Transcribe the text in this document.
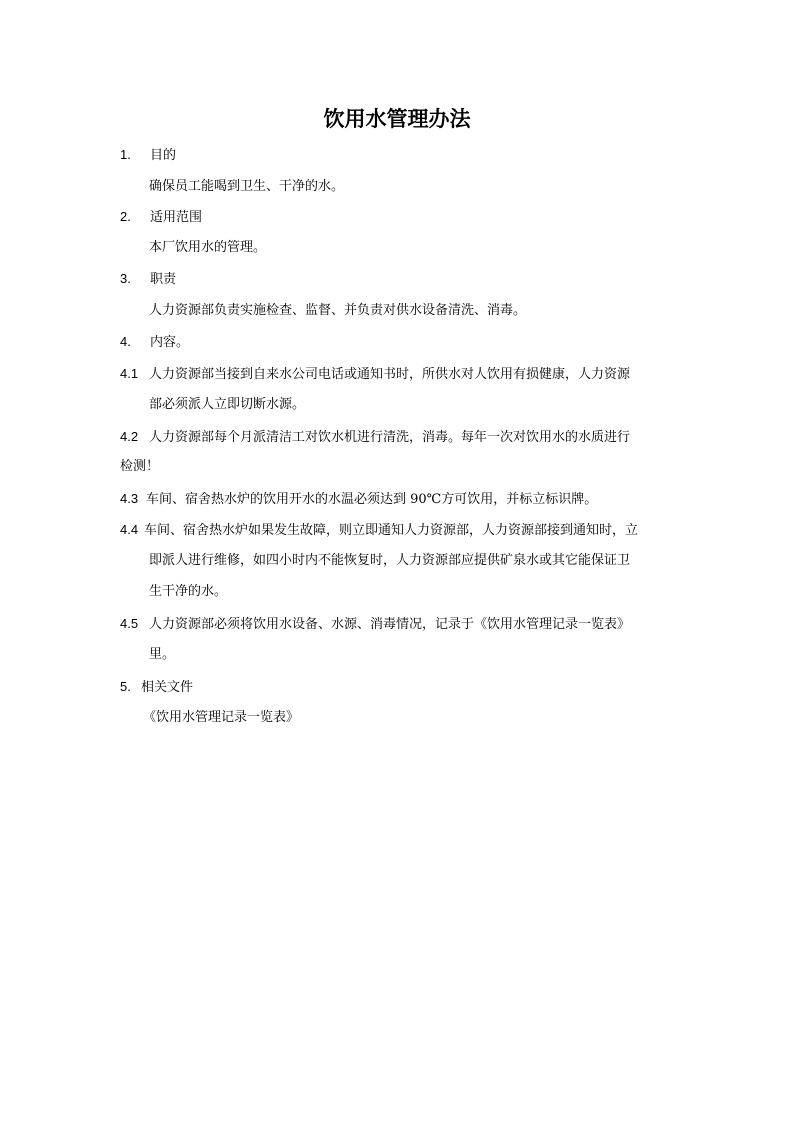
饮用水管理办法
1. 目的
确保员工能喝到卫生、干净的水。
2. 适用范围
本厂饮用水的管理。
3. 职责
人力资源部负责实施检查、监督、并负责对供水设备清洗、消毒。
4. 内容。
4.1 人力资源部当接到自来水公司电话或通知书时，所供水对人饮用有损健康，人力资源
部必须派人立即切断水源。
4.2 人力资源部每个月派清洁工对饮水机进行清洗，消毒。每年一次对饮用水的水质进行
检测！
4.3 车间、宿舍热水炉的饮用开水的水温必须达到 90℃方可饮用，并标立标识牌。
4.4 车间、宿舍热水炉如果发生故障，则立即通知人力资源部，人力资源部接到通知时，立
即派人进行维修，如四小时内不能恢复时，人力资源部应提供矿泉水或其它能保证卫
生干净的水。
4.5 人力资源部必须将饮用水设备、水源、消毒情况，记录于《饮用水管理记录一览表》
里。
5. 相关文件
《饮用水管理记录一览表》
